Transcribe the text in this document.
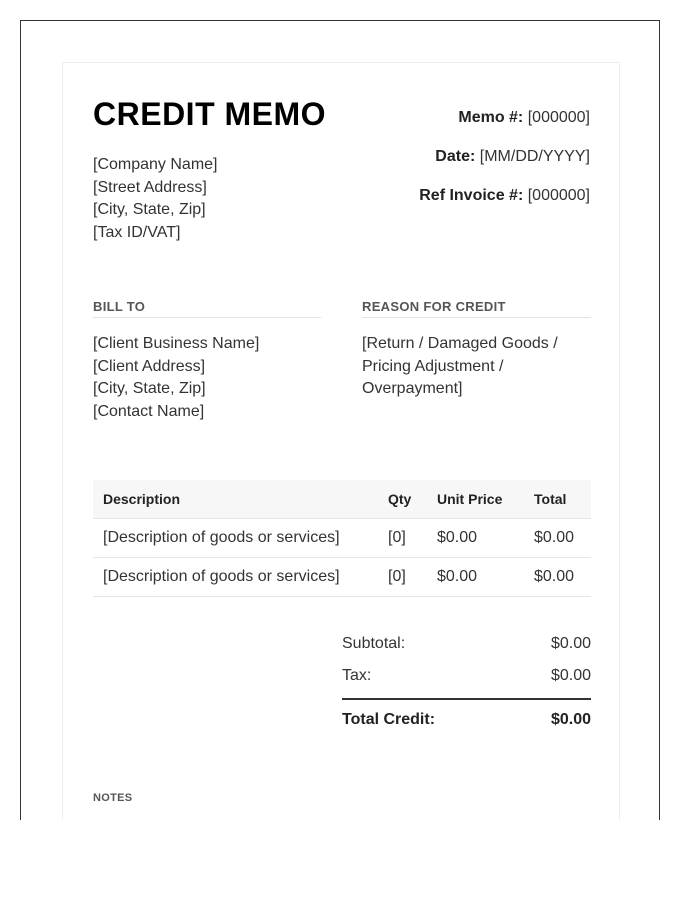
CREDIT MEMO
[Company Name]
[Street Address]
[City, State, Zip]
[Tax ID/VAT]
Memo #: [000000]
Date: [MM/DD/YYYY]
Ref Invoice #: [000000]
BILL TO	REASON FOR CREDIT
[Client Business Name]
[Client Address]
[City, State, Zip]
[Contact Name]
[Return / Damaged Goods /
Pricing Adjustment /
Overpayment]
Description	Qty	Unit Price	Total
[Description of goods or services]	[0]	$0.00	$0.00
[Description of goods or services]	[0]	$0.00	$0.00
Subtotal:	$0.00
Tax:	$0.00
Total Credit:	$0.00
NOTES
